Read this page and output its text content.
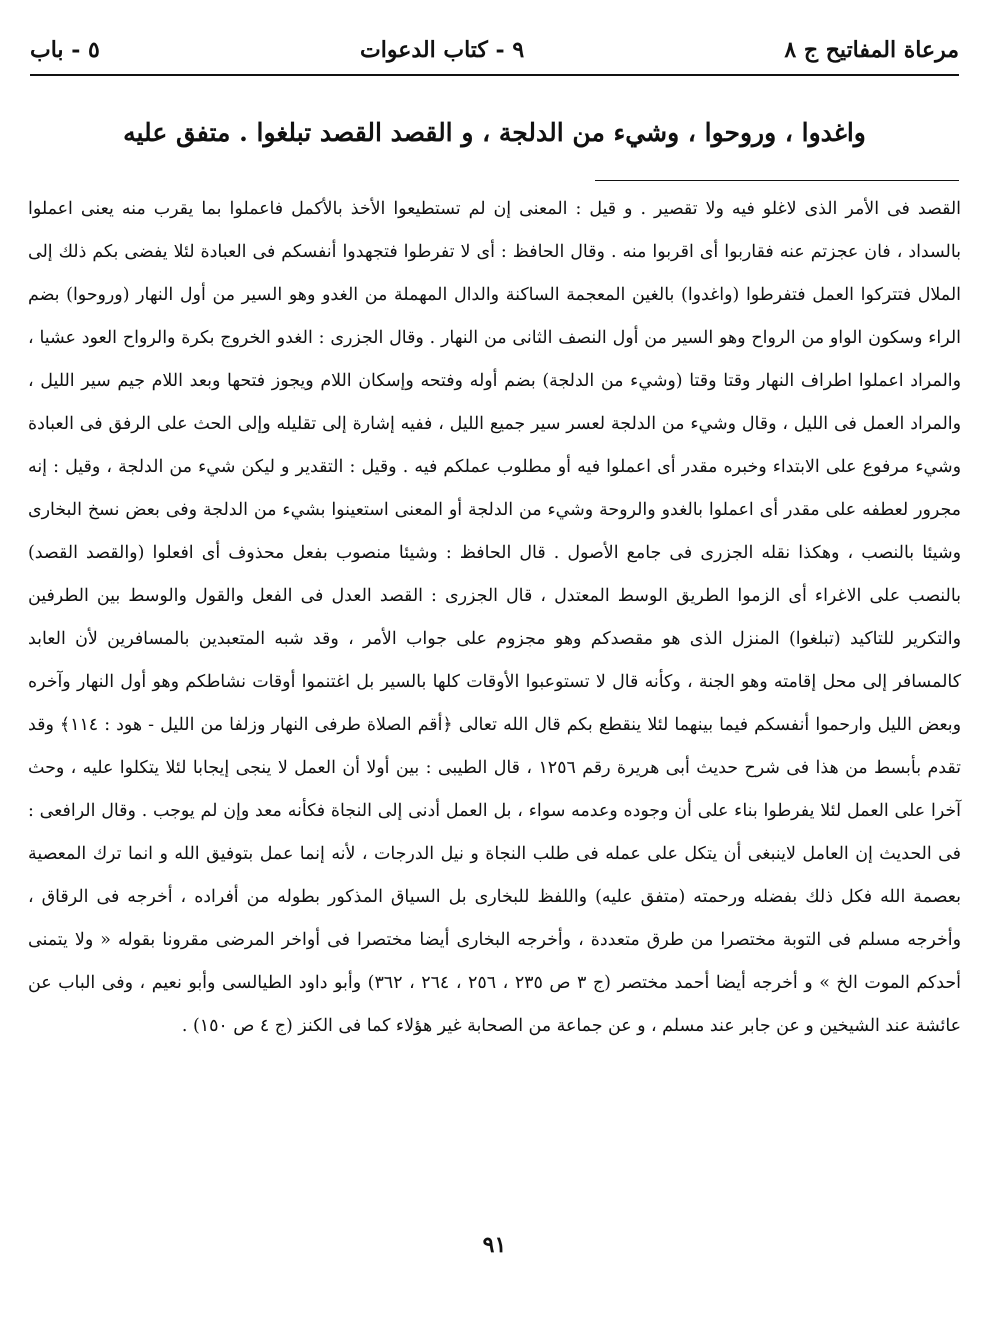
مرعاة المفاتيح ج ٨
٩ - كتاب الدعوات
٥ - باب
واغدوا ، وروحوا ، وشيء من الدلجة ، و القصد القصد تبلغوا . متفق عليه

القصد فى الأمر الذى لاغلو فيه ولا تقصير . و قيل : المعنى إن لم تستطيعوا الأخذ بالأكمل فاعملوا بما يقرب منه يعنى اعملوا بالسداد ، فان عجزتم عنه فقاربوا أى اقربوا منه . وقال الحافظ : أى لا تفرطوا فتجهدوا أنفسكم فى العبادة لئلا يفضى بكم ذلك إلى الملال فتتركوا العمل فتفرطوا (واغدوا) بالغين المعجمة الساكنة والدال المهملة من الغدو وهو السير من أول النهار (وروحوا) بضم الراء وسكون الواو من الرواح وهو السير من أول النصف الثانى من النهار . وقال الجزرى : الغدو الخروج بكرة والرواح العود عشيا ، والمراد اعملوا اطراف النهار وقتا وقتا (وشيء من الدلجة) بضم أوله وفتحه وإسكان اللام ويجوز فتحها وبعد اللام جيم سير الليل ، والمراد العمل فى الليل ، وقال وشيء من الدلجة لعسر سير جميع الليل ، ففيه إشارة إلى تقليله وإلى الحث على الرفق فى العبادة وشيء مرفوع على الابتداء وخبره مقدر أى اعملوا فيه أو مطلوب عملكم فيه . وقيل : التقدير و ليكن شيء من الدلجة ، وقيل : إنه مجرور لعطفه على مقدر أى اعملوا بالغدو والروحة وشيء من الدلجة أو المعنى استعينوا بشيء من الدلجة وفى بعض نسخ البخارى وشيئا بالنصب ، وهكذا نقله الجزرى فى جامع الأصول . قال الحافظ : وشيئا منصوب بفعل محذوف أى افعلوا (والقصد القصد) بالنصب على الاغراء أى الزموا الطريق الوسط المعتدل ، قال الجزرى : القصد العدل فى الفعل والقول والوسط بين الطرفين والتكرير للتاكيد (تبلغوا) المنزل الذى هو مقصدكم وهو مجزوم على جواب الأمر ، وقد شبه المتعبدين بالمسافرين لأن العابد كالمسافر إلى محل إقامته وهو الجنة ، وكأنه قال لا تستوعبوا الأوقات كلها بالسير بل اغتنموا أوقات نشاطكم وهو أول النهار وآخره وبعض الليل وارحموا أنفسكم فيما بينهما لئلا ينقطع بكم قال الله تعالى ﴿أقم الصلاة طرفى النهار وزلفا من الليل - هود : ١١٤﴾ وقد تقدم بأبسط من هذا فى شرح حديث أبى هريرة رقم ١٢٥٦ ، قال الطيبى : بين أولا أن العمل لا ينجى إيجابا لئلا يتكلوا عليه ، وحث آخرا على العمل لئلا يفرطوا بناء على أن وجوده وعدمه سواء ، بل العمل أدنى إلى النجاة فكأنه معد وإن لم يوجب . وقال الرافعى : فى الحديث إن العامل لاينبغى أن يتكل على عمله فى طلب النجاة و نيل الدرجات ، لأنه إنما عمل بتوفيق الله و انما ترك المعصية بعصمة الله فكل ذلك بفضله ورحمته (متفق عليه) واللفظ للبخارى بل السياق المذكور بطوله من أفراده ، أخرجه فى الرقاق ، وأخرجه مسلم فى التوبة مختصرا من طرق متعددة ، وأخرجه البخارى أيضا مختصرا فى أواخر المرضى مقرونا بقوله « ولا يتمنى أحدكم الموت الخ » و أخرجه أيضا أحمد مختصر (ج ٣ ص ٢٣٥ ، ٢٥٦ ، ٢٦٤ ، ٣٦٢) وأبو داود الطيالسى وأبو نعيم ، وفى الباب عن عائشة عند الشيخين و عن جابر عند مسلم ، و عن جماعة من الصحابة غير هؤلاء كما فى الكنز (ج ٤ ص ١٥٠) .

٩١
